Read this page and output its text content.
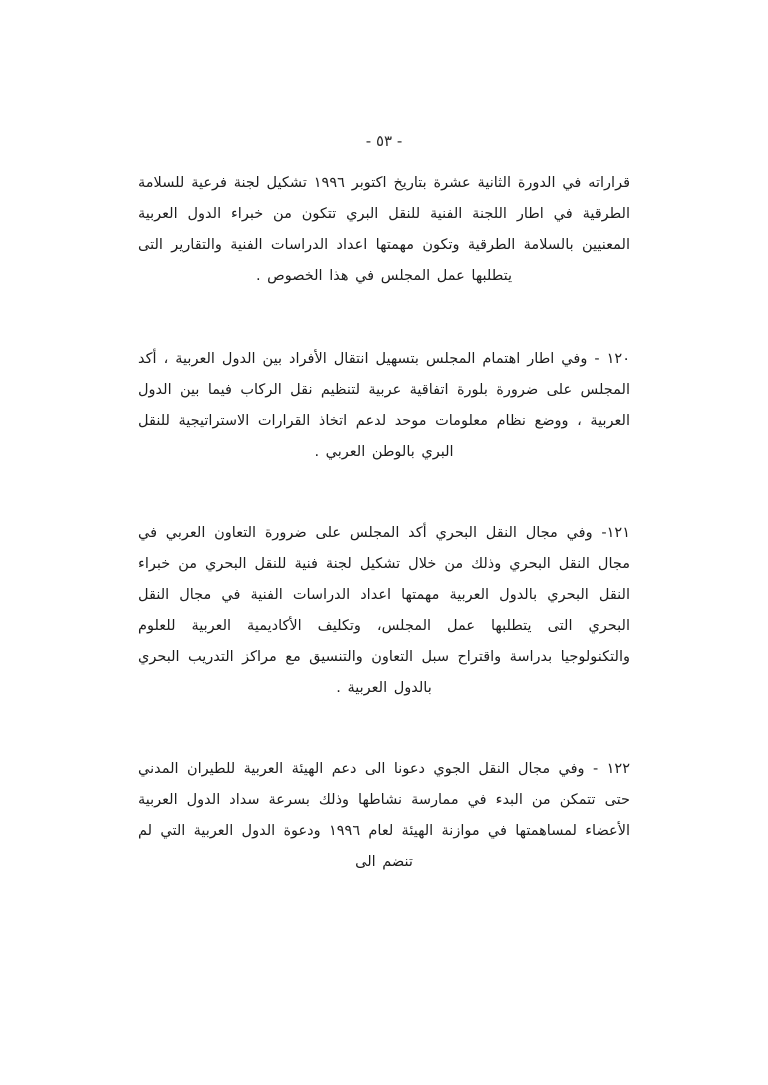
- ٥٣ -

قراراته في الدورة الثانية عشرة بتاريخ اكتوبر ١٩٩٦ تشكيل لجنة فرعية للسلامة الطرقية في اطار اللجنة الفنية للنقل البري تتكون من خبراء الدول العربية المعنيين بالسلامة الطرقية وتكون مهمتها اعداد الدراسات الفنية والتقارير التى يتطلبها عمل المجلس في هذا الخصوص .

١٢٠ - وفي اطار اهتمام المجلس بتسهيل انتقال الأفراد بين الدول العربية ، أكد المجلس على ضرورة بلورة اتفاقية عربية لتنظيم نقل الركاب فيما بين الدول العربية ، ووضع نظام معلومات موحد لدعم اتخاذ القرارات الاستراتيجية للنقل البري بالوطن العربي .

١٢١- وفي مجال النقل البحري أكد المجلس على ضرورة التعاون العربي في مجال النقل البحري وذلك من خلال تشكيل لجنة فنية للنقل البحري من خبراء النقل البحري بالدول العربية مهمتها اعداد الدراسات الفنية في مجال النقل البحري التى يتطلبها عمل المجلس، وتكليف الأكاديمية العربية للعلوم والتكنولوجيا بدراسة واقتراح سبل التعاون والتنسيق مع مراكز التدريب البحري بالدول العربية .

١٢٢ - وفي مجال النقل الجوي دعونا الى دعم الهيئة العربية للطيران المدني حتى تتمكن من البدء في ممارسة نشاطها وذلك بسرعة سداد الدول العربية الأعضاء لمساهمتها في موازنة الهيئة لعام ١٩٩٦ ودعوة الدول العربية التي لم تنضم الى
